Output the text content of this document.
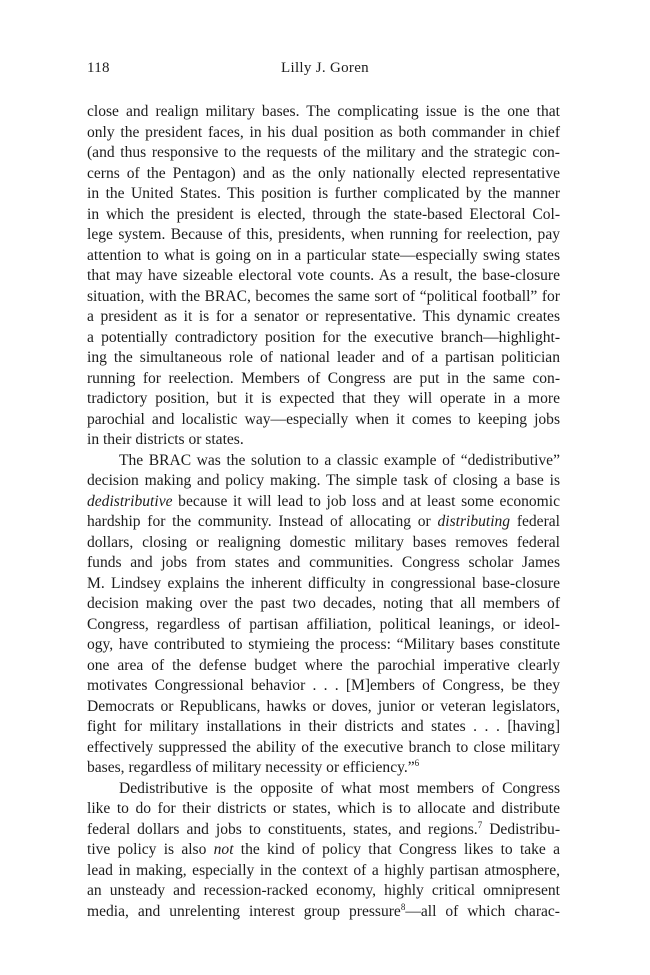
118	Lilly J. Goren
close and realign military bases. The complicating issue is the one that
only the president faces, in his dual position as both commander in chief
(and thus responsive to the requests of the military and the strategic con-
cerns of the Pentagon) and as the only nationally elected representative
in the United States. This position is further complicated by the manner
in which the president is elected, through the state-based Electoral Col-
lege system. Because of this, presidents, when running for reelection, pay
attention to what is going on in a particular state—especially swing states
that may have sizeable electoral vote counts. As a result, the base-closure
situation, with the BRAC, becomes the same sort of “political football” for
a president as it is for a senator or representative. This dynamic creates
a potentially contradictory position for the executive branch—highlight-
ing the simultaneous role of national leader and of a partisan politician
running for reelection. Members of Congress are put in the same con-
tradictory position, but it is expected that they will operate in a more
parochial and localistic way—especially when it comes to keeping jobs
in their districts or states.
The BRAC was the solution to a classic example of “dedistributive”
decision making and policy making. The simple task of closing a base is
dedistributive because it will lead to job loss and at least some economic
hardship for the community. Instead of allocating or distributing federal
dollars, closing or realigning domestic military bases removes federal
funds and jobs from states and communities. Congress scholar James
M. Lindsey explains the inherent difficulty in congressional base-closure
decision making over the past two decades, noting that all members of
Congress, regardless of partisan affiliation, political leanings, or ideol-
ogy, have contributed to stymieing the process: “Military bases constitute
one area of the defense budget where the parochial imperative clearly
motivates Congressional behavior . . . [M]embers of Congress, be they
Democrats or Republicans, hawks or doves, junior or veteran legislators,
fight for military installations in their districts and states . . . [having]
effectively suppressed the ability of the executive branch to close military
bases, regardless of military necessity or efficiency.”$^6$
Dedistributive is the opposite of what most members of Congress
like to do for their districts or states, which is to allocate and distribute
federal dollars and jobs to constituents, states, and regions.$^7$ Dedistribu-
tive policy is also not the kind of policy that Congress likes to take a
lead in making, especially in the context of a highly partisan atmosphere,
an unsteady and recession-racked economy, highly critical omnipresent
media, and unrelenting interest group pressure$^8$—all of which charac-
